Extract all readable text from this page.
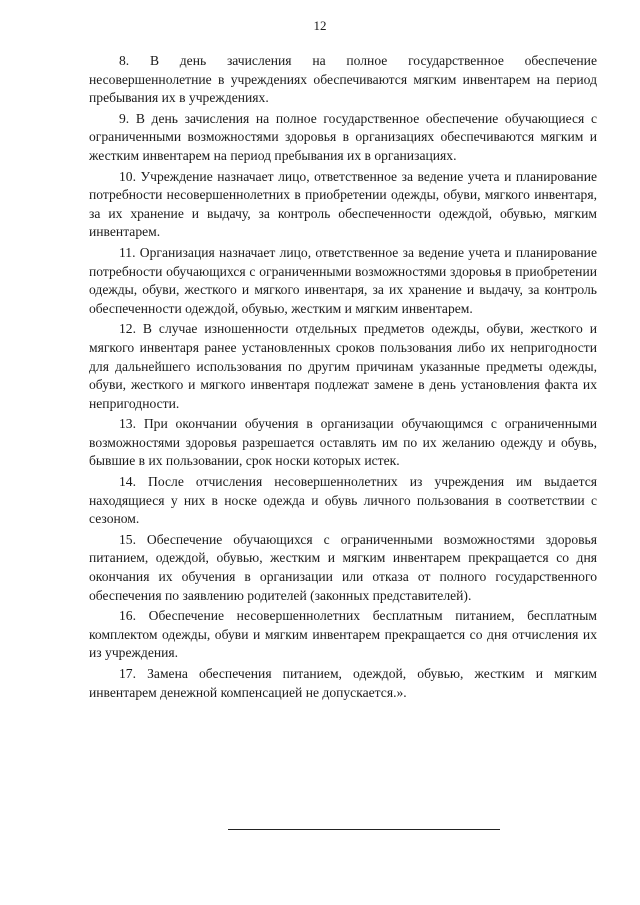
12

8. В день зачисления на полное государственное обеспечение несовершеннолетние в учреждениях обеспечиваются мягким инвентарем на период пребывания их в учреждениях.

9. В день зачисления на полное государственное обеспечение обучающиеся с ограниченными возможностями здоровья в организациях обеспечиваются мягким и жестким инвентарем на период пребывания их в организациях.

10. Учреждение назначает лицо, ответственное за ведение учета и планирование потребности несовершеннолетних в приобретении одежды, обуви, мягкого инвентаря, за их хранение и выдачу, за контроль обеспеченности одеждой, обувью, мягким инвентарем.

11. Организация назначает лицо, ответственное за ведение учета и планирование потребности обучающихся с ограниченными возможностями здоровья в приобретении одежды, обуви, жесткого и мягкого инвентаря, за их хранение и выдачу, за контроль обеспеченности одеждой, обувью, жестким и мягким инвентарем.

12. В случае изношенности отдельных предметов одежды, обуви, жесткого и мягкого инвентаря ранее установленных сроков пользования либо их непригодности для дальнейшего использования по другим причинам указанные предметы одежды, обуви, жесткого и мягкого инвентаря подлежат замене в день установления факта их непригодности.

13. При окончании обучения в организации обучающимся с ограниченными возможностями здоровья разрешается оставлять им по их желанию одежду и обувь, бывшие в их пользовании, срок носки которых истек.

14. После отчисления несовершеннолетних из учреждения им выдается находящиеся у них в носке одежда и обувь личного пользования в соответствии с сезоном.

15. Обеспечение обучающихся с ограниченными возможностями здоровья питанием, одеждой, обувью, жестким и мягким инвентарем прекращается со дня окончания их обучения в организации или отказа от полного государственного обеспечения по заявлению родителей (законных представителей).

16. Обеспечение несовершеннолетних бесплатным питанием, бесплатным комплектом одежды, обуви и мягким инвентарем прекращается со дня отчисления их из учреждения.

17. Замена обеспечения питанием, одеждой, обувью, жестким и мягким инвентарем денежной компенсацией не допускается.».
